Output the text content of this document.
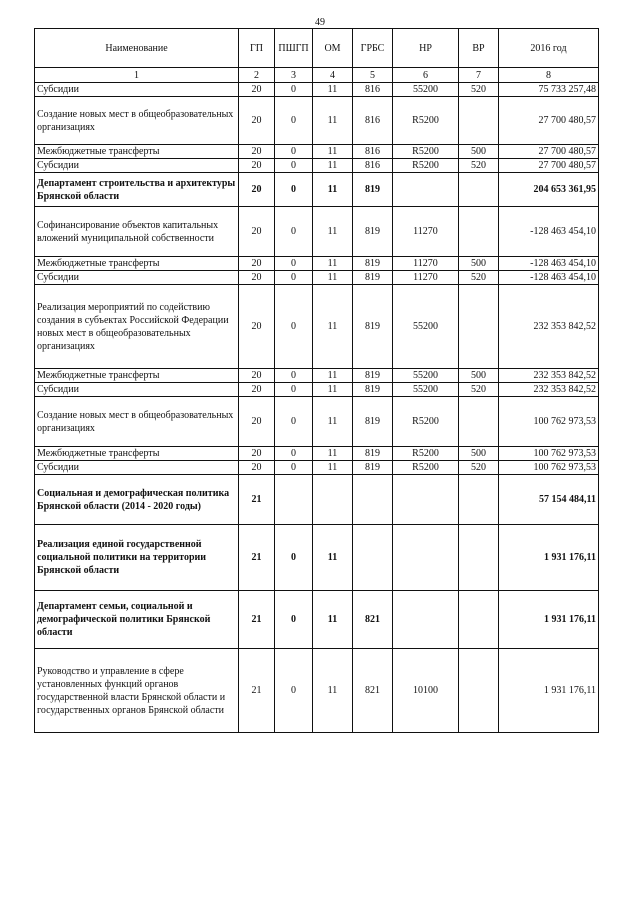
49
Наименование	ГП	ПШГП	ОМ	ГРБС	НР	ВР	2016 год
1	2	3	4	5	6	7	8
Субсидии	20	0	11	816	55200	520	75 733 257,48
Создание новых мест в общеобразовательных организациях	20	0	11	816	R5200		27 700 480,57
Межбюджетные трансферты	20	0	11	816	R5200	500	27 700 480,57
Субсидии	20	0	11	816	R5200	520	27 700 480,57
Департамент строительства и архитектуры Брянской области	20	0	11	819			204 653 361,95
Софинансирование объектов капитальных вложений муниципальной собственности	20	0	11	819	11270		-128 463 454,10
Межбюджетные трансферты	20	0	11	819	11270	500	-128 463 454,10
Субсидии	20	0	11	819	11270	520	-128 463 454,10
Реализация мероприятий по содействию создания в субъектах Российской Федерации новых мест в общеобразовательных организациях	20	0	11	819	55200		232 353 842,52
Межбюджетные трансферты	20	0	11	819	55200	500	232 353 842,52
Субсидии	20	0	11	819	55200	520	232 353 842,52
Создание новых мест в общеобразовательных организациях	20	0	11	819	R5200		100 762 973,53
Межбюджетные трансферты	20	0	11	819	R5200	500	100 762 973,53
Субсидии	20	0	11	819	R5200	520	100 762 973,53
Социальная и демографическая политика Брянской области (2014 - 2020 годы)	21						57 154 484,11
Реализация единой государственной социальной политики на территории Брянской области	21	0	11				1 931 176,11
Департамент семьи, социальной и демографической политики Брянской области	21	0	11	821			1 931 176,11
Руководство и управление в сфере установленных функций органов государственной власти Брянской области и государственных органов Брянской области	21	0	11	821	10100		1 931 176,11
